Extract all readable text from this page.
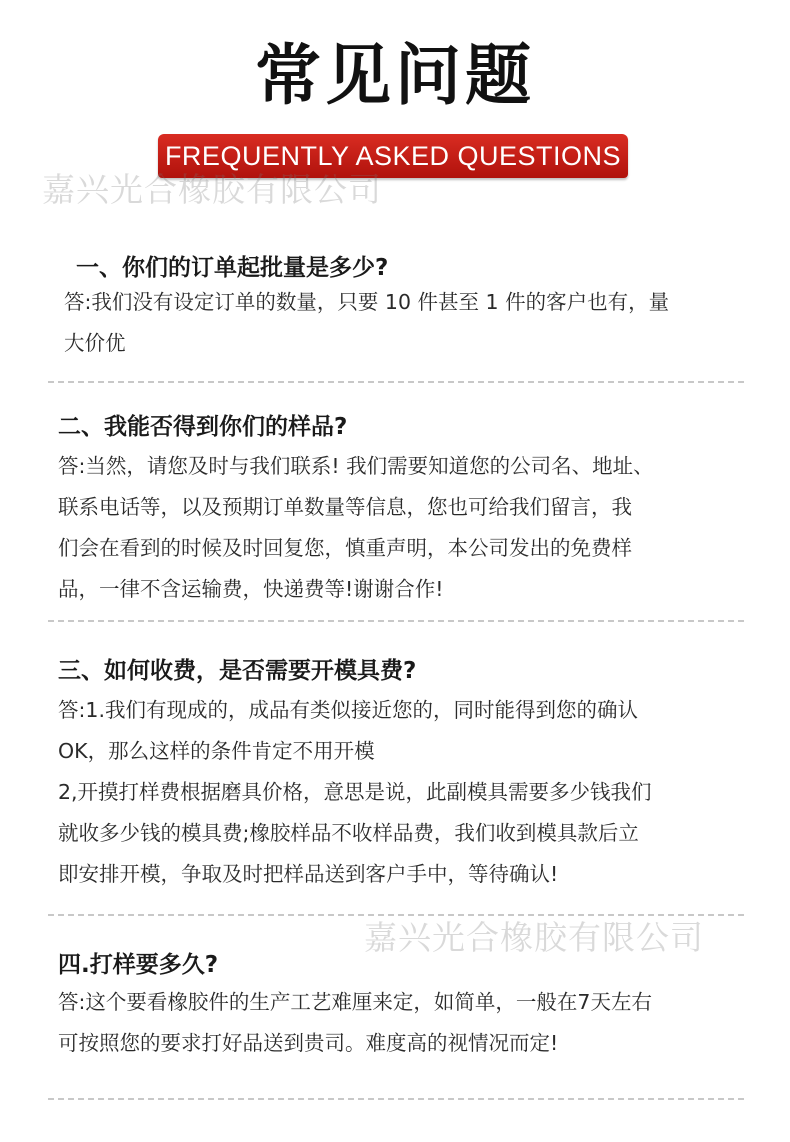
常见问题
FREQUENTLY ASKED QUESTIONS
嘉兴光合橡胶有限公司
一、你们的订单起批量是多少?
答:我们没有设定订单的数量，只要 10 件甚至 1 件的客户也有，量
大价优
二、我能否得到你们的样品?
答:当然，请您及时与我们联系! 我们需要知道您的公司名、地址、
联系电话等，以及预期订单数量等信息，您也可给我们留言，我
们会在看到的时候及时回复您，慎重声明，本公司发出的免费样
品，一律不含运输费，快递费等!谢谢合作!
三、如何收费，是否需要开模具费?
答:1.我们有现成的，成品有类似接近您的，同时能得到您的确认
OK，那么这样的条件肯定不用开模
2,开摸打样费根据磨具价格，意思是说，此副模具需要多少钱我们
就收多少钱的模具费;橡胶样品不收样品费，我们收到模具款后立
即安排开模，争取及时把样品送到客户手中，等待确认!
嘉兴光合橡胶有限公司
四.打样要多久?
答:这个要看橡胶件的生产工艺难厘来定，如简单，一般在7天左右
可按照您的要求打好品送到贵司。难度高的视情况而定!
